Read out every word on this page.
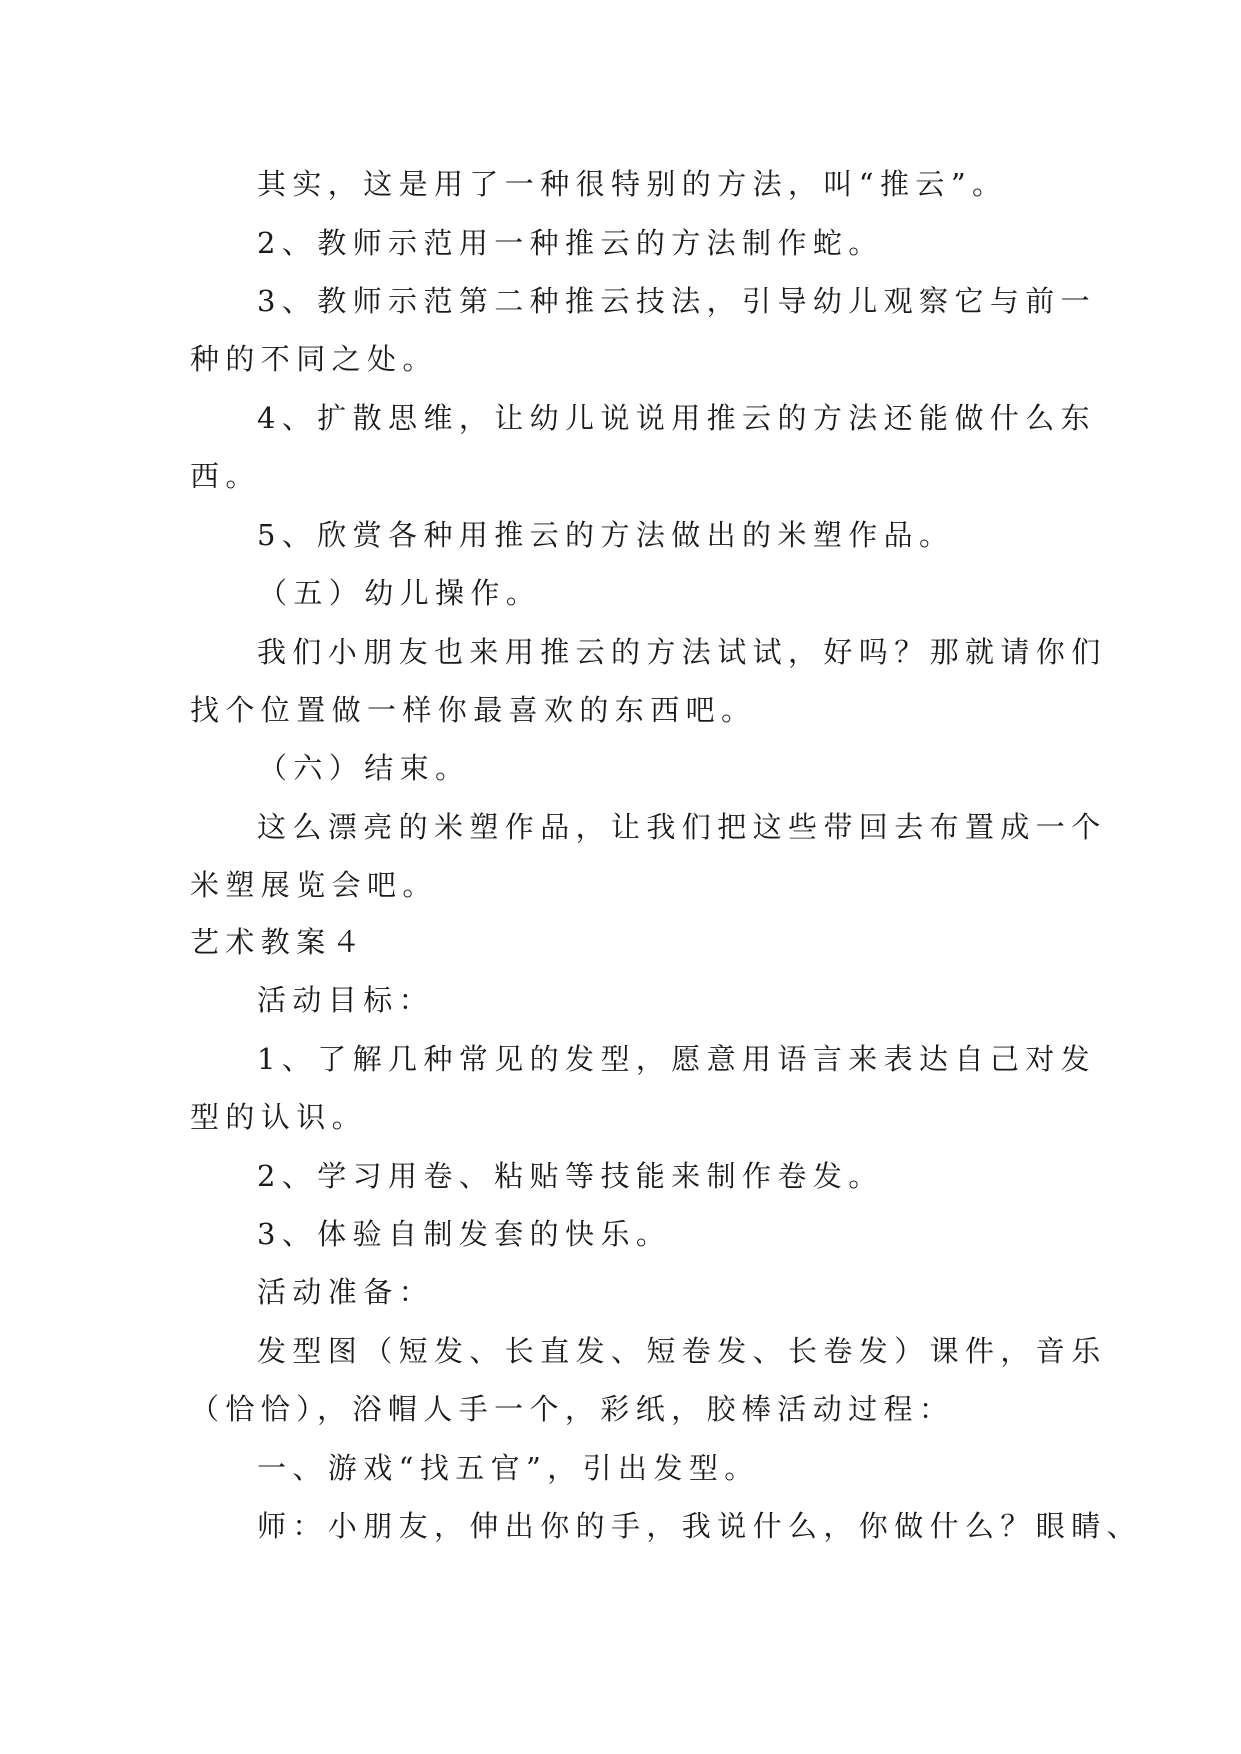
其实，这是用了一种很特别的方法，叫“推云”。
2、教师示范用一种推云的方法制作蛇。
3、教师示范第二种推云技法，引导幼儿观察它与前一
种的不同之处。
4、扩散思维，让幼儿说说用推云的方法还能做什么东
西。
5、欣赏各种用推云的方法做出的米塑作品。
（五）幼儿操作。
我们小朋友也来用推云的方法试试，好吗？那就请你们
找个位置做一样你最喜欢的东西吧。
（六）结束。
这么漂亮的米塑作品，让我们把这些带回去布置成一个
米塑展览会吧。
艺术教案４
活动目标：
1、了解几种常见的发型，愿意用语言来表达自己对发
型的认识。
2、学习用卷、粘贴等技能来制作卷发。
3、体验自制发套的快乐。
活动准备：
发型图（短发、长直发、短卷发、长卷发）课件，音乐
（恰恰），浴帽人手一个，彩纸，胶棒活动过程：
一、游戏“找五官”，引出发型。
师：小朋友，伸出你的手，我说什么，你做什么？眼睛、
